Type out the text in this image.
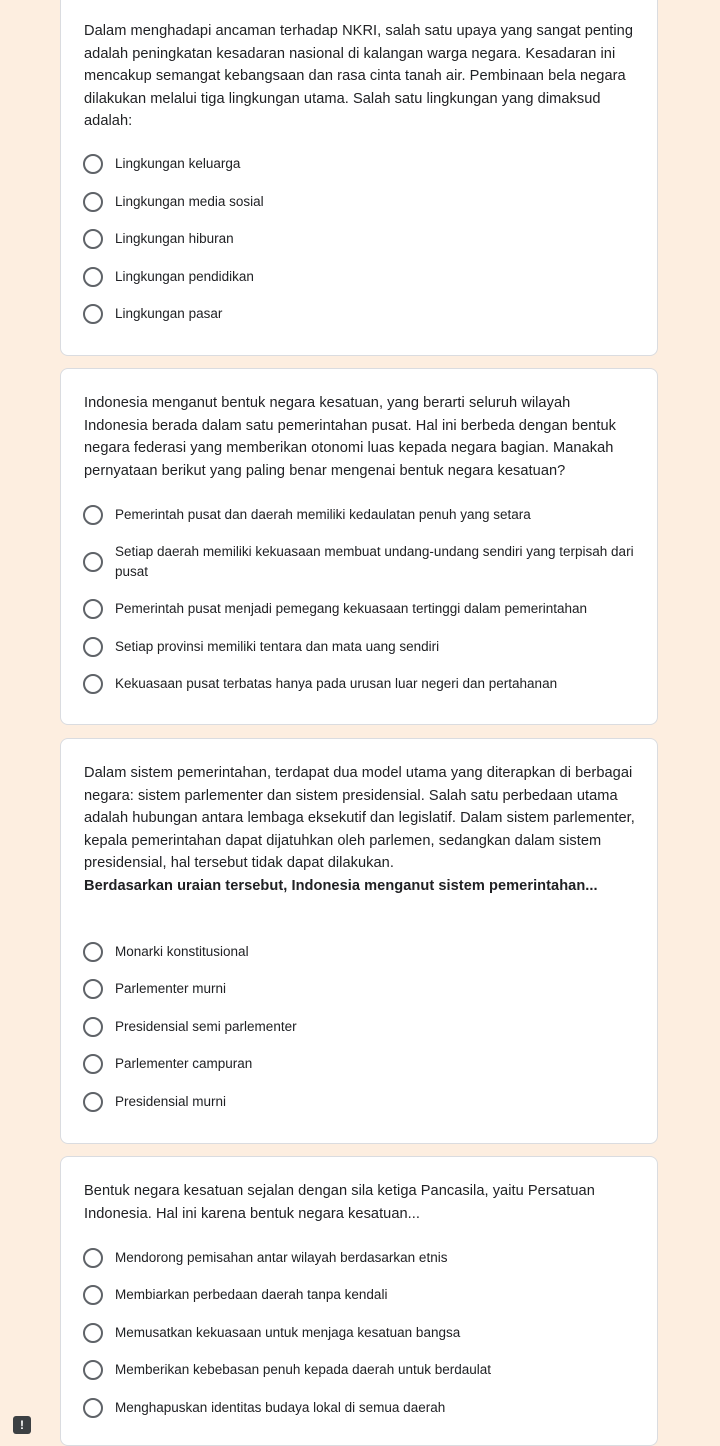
Dalam menghadapi ancaman terhadap NKRI, salah satu upaya yang sangat penting adalah peningkatan kesadaran nasional di kalangan warga negara. Kesadaran ini mencakup semangat kebangsaan dan rasa cinta tanah air. Pembinaan bela negara dilakukan melalui tiga lingkungan utama. Salah satu lingkungan yang dimaksud adalah:
Lingkungan keluarga
Lingkungan media sosial
Lingkungan hiburan
Lingkungan pendidikan
Lingkungan pasar
Indonesia menganut bentuk negara kesatuan, yang berarti seluruh wilayah Indonesia berada dalam satu pemerintahan pusat. Hal ini berbeda dengan bentuk negara federasi yang memberikan otonomi luas kepada negara bagian. Manakah pernyataan berikut yang paling benar mengenai bentuk negara kesatuan?
Pemerintah pusat dan daerah memiliki kedaulatan penuh yang setara
Setiap daerah memiliki kekuasaan membuat undang-undang sendiri yang terpisah dari pusat
Pemerintah pusat menjadi pemegang kekuasaan tertinggi dalam pemerintahan
Setiap provinsi memiliki tentara dan mata uang sendiri
Kekuasaan pusat terbatas hanya pada urusan luar negeri dan pertahanan
Dalam sistem pemerintahan, terdapat dua model utama yang diterapkan di berbagai negara: sistem parlementer dan sistem presidensial. Salah satu perbedaan utama adalah hubungan antara lembaga eksekutif dan legislatif. Dalam sistem parlementer, kepala pemerintahan dapat dijatuhkan oleh parlemen, sedangkan dalam sistem presidensial, hal tersebut tidak dapat dilakukan.
Berdasarkan uraian tersebut, Indonesia menganut sistem pemerintahan...
Monarki konstitusional
Parlementer murni
Presidensial semi parlementer
Parlementer campuran
Presidensial murni
Bentuk negara kesatuan sejalan dengan sila ketiga Pancasila, yaitu Persatuan Indonesia. Hal ini karena bentuk negara kesatuan...
Mendorong pemisahan antar wilayah berdasarkan etnis
Membiarkan perbedaan daerah tanpa kendali
Memusatkan kekuasaan untuk menjaga kesatuan bangsa
Memberikan kebebasan penuh kepada daerah untuk berdaulat
Menghapuskan identitas budaya lokal di semua daerah
!
